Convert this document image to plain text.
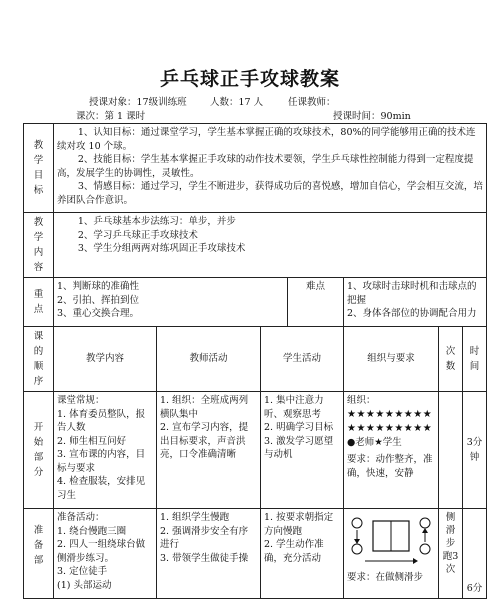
乒乓球正手攻球教案
授课对象：17级训练班 人数：17 人	任课教师：
课次：第 1 课时	授课时间：90min
教
学
目
标	1、认知目标：通过课堂学习，学生基本掌握正确的攻球技术，80%的同学能够用正确的技术连续对攻 10 个球。
2、技能目标：学生基本掌握正手攻球的动作技术要领，学生乒乓球性控制能力得到一定程度提高，发展学生的协调性，灵敏性。
3、情感目标：通过学习，学生不断进步，获得成功后的喜悦感，增加自信心，学会相互交流，培养团队合作意识。						

教
学
内
容	1、乒乓球基本步法练习：单步，并步
2、学习乒乓球正手攻球技术
3、学生分组两两对练巩固正手攻球技术						

重
点	1、判断球的准确性
2、引拍、挥拍到位
3、重心交换合理。			难点	1、攻球时击球时机和击球点的把握
2、身体各部位的协调配合用力		

课
的
顺
序	教学内容	教师活动	学生活动		组织与要求	次
数	时
间

开
始
部
分	课堂常规：
1. 体育委员整队，报告人数
2. 师生相互问好
3. 宣布课的内容，目标与要求
4. 检查服装，安排见习生	1. 组织：全班成两列横队集中
2. 宣布学习内容，提出目标要求，声音洪亮，口令准确清晰	1. 集中注意力听、观察思考
2. 明确学习目标
3. 激发学习愿望与动机		组织：
★★★★★★★★★
★★★★★★★★★
●老师★学生
要求：动作整齐，准确，快速，安静		3分钟

准
备
部	准备活动：
1. 绕台慢跑三圈
2. 四人一组绕球台做侧滑步练习。
3. 定位徒手
(1) 头部运动	1. 组织学生慢跑
2. 强调滑步安全有序进行
3. 带领学生做徒手操	1. 按要求朝指定方向慢跑
2. 学生动作准确，充分活动		要求：在做侧滑步	侧滑步跑3次	6分
